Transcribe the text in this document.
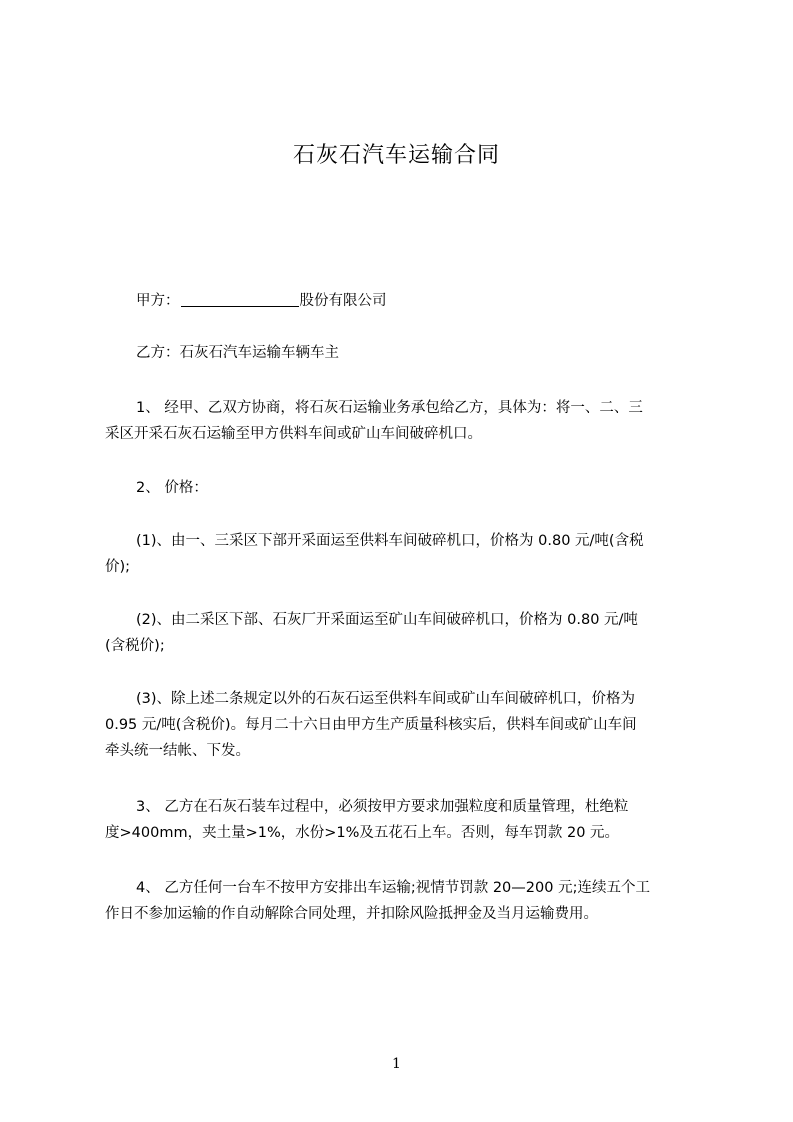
石灰石汽车运输合同

甲方：	股份有限公司

乙方：石灰石汽车运输车辆车主

1、 经甲、乙双方协商，将石灰石运输业务承包给乙方，具体为：将一、二、三
采区开采石灰石运输至甲方供料车间或矿山车间破碎机口。

2、 价格：

(1)、由一、三采区下部开采面运至供料车间破碎机口，价格为 0.80 元/吨(含税
价);

(2)、由二采区下部、石灰厂开采面运至矿山车间破碎机口，价格为 0.80 元/吨
(含税价);

(3)、除上述二条规定以外的石灰石运至供料车间或矿山车间破碎机口，价格为
0.95 元/吨(含税价)。每月二十六日由甲方生产质量科核实后，供料车间或矿山车间
牵头统一结帐、下发。

3、 乙方在石灰石装车过程中，必须按甲方要求加强粒度和质量管理，杜绝粒
度>400mm，夹土量>1%，水份>1%及五花石上车。否则，每车罚款 20 元。

4、 乙方任何一台车不按甲方安排出车运输;视情节罚款 20—200 元;连续五个工
作日不参加运输的作自动解除合同处理，并扣除风险抵押金及当月运输费用。

1
